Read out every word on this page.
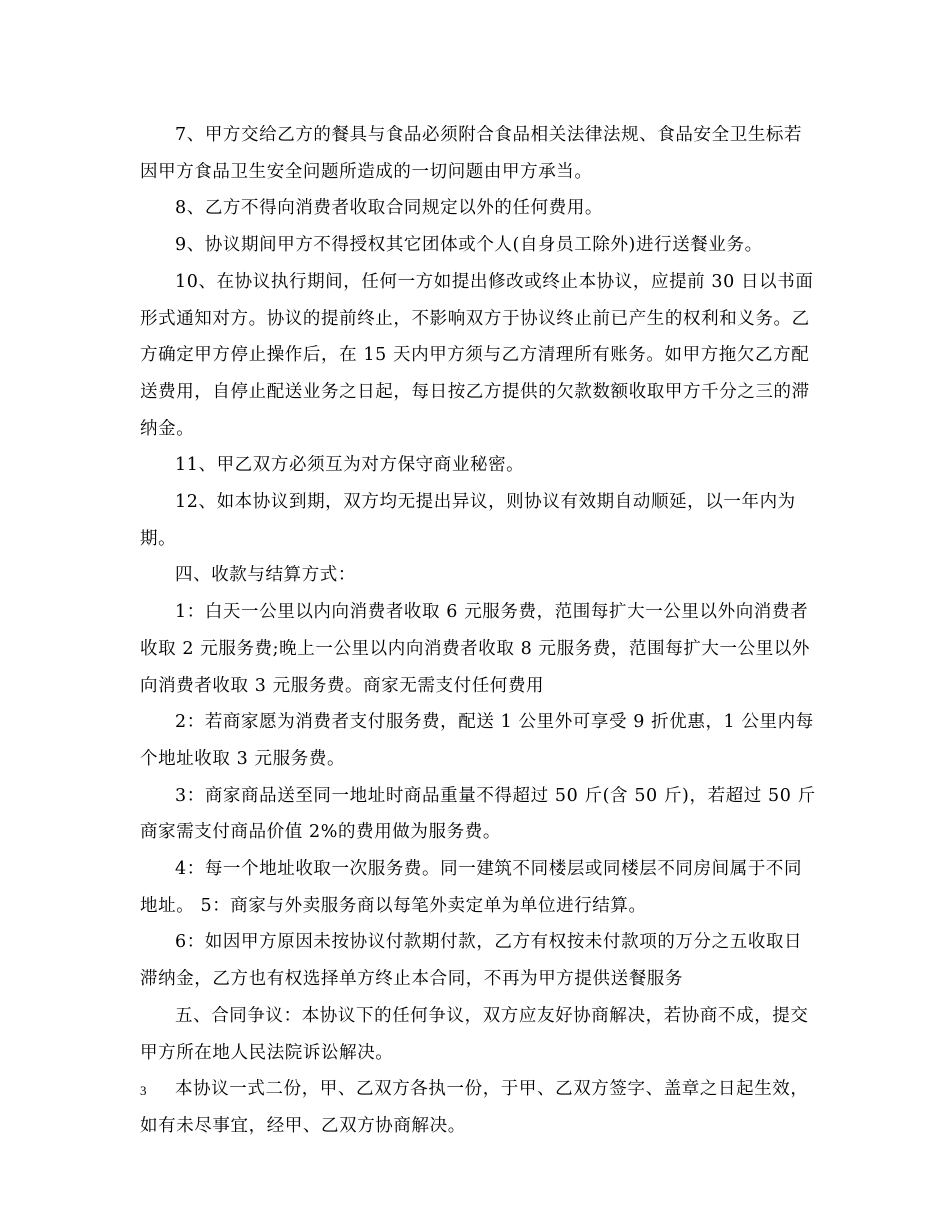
7、甲方交给乙方的餐具与食品必须附合食品相关法律法规、食品安全卫生标若因甲方食品卫生安全问题所造成的一切问题由甲方承当。

8、乙方不得向消费者收取合同规定以外的任何费用。

9、协议期间甲方不得授权其它团体或个人(自身员工除外)进行送餐业务。

10、在协议执行期间，任何一方如提出修改或终止本协议，应提前 30 日以书面形式通知对方。协议的提前终止，不影响双方于协议终止前已产生的权利和义务。乙方确定甲方停止操作后，在 15 天内甲方须与乙方清理所有账务。如甲方拖欠乙方配送费用，自停止配送业务之日起，每日按乙方提供的欠款数额收取甲方千分之三的滞纳金。

11、甲乙双方必须互为对方保守商业秘密。

12、如本协议到期，双方均无提出异议，则协议有效期自动顺延，以一年内为期。

四、收款与结算方式：

1：白天一公里以内向消费者收取 6 元服务费，范围每扩大一公里以外向消费者收取 2 元服务费;晚上一公里以内向消费者收取 8 元服务费，范围每扩大一公里以外向消费者收取 3 元服务费。商家无需支付任何费用

2：若商家愿为消费者支付服务费，配送 1 公里外可享受 9 折优惠，1 公里内每个地址收取 3 元服务费。

3：商家商品送至同一地址时商品重量不得超过 50 斤(含 50 斤)，若超过 50 斤商家需支付商品价值 2%的费用做为服务费。

4：每一个地址收取一次服务费。同一建筑不同楼层或同楼层不同房间属于不同地址。 5：商家与外卖服务商以每笔外卖定单为单位进行结算。

6：如因甲方原因未按协议付款期付款，乙方有权按未付款项的万分之五收取日滞纳金，乙方也有权选择单方终止本合同，不再为甲方提供送餐服务

五、合同争议：本协议下的任何争议，双方应友好协商解决，若协商不成，提交甲方所在地人民法院诉讼解决。

本协议一式二份，甲、乙双方各执一份，于甲、乙双方签字、盖章之日起生效，如有未尽事宜，经甲、乙双方协商解决。

3
